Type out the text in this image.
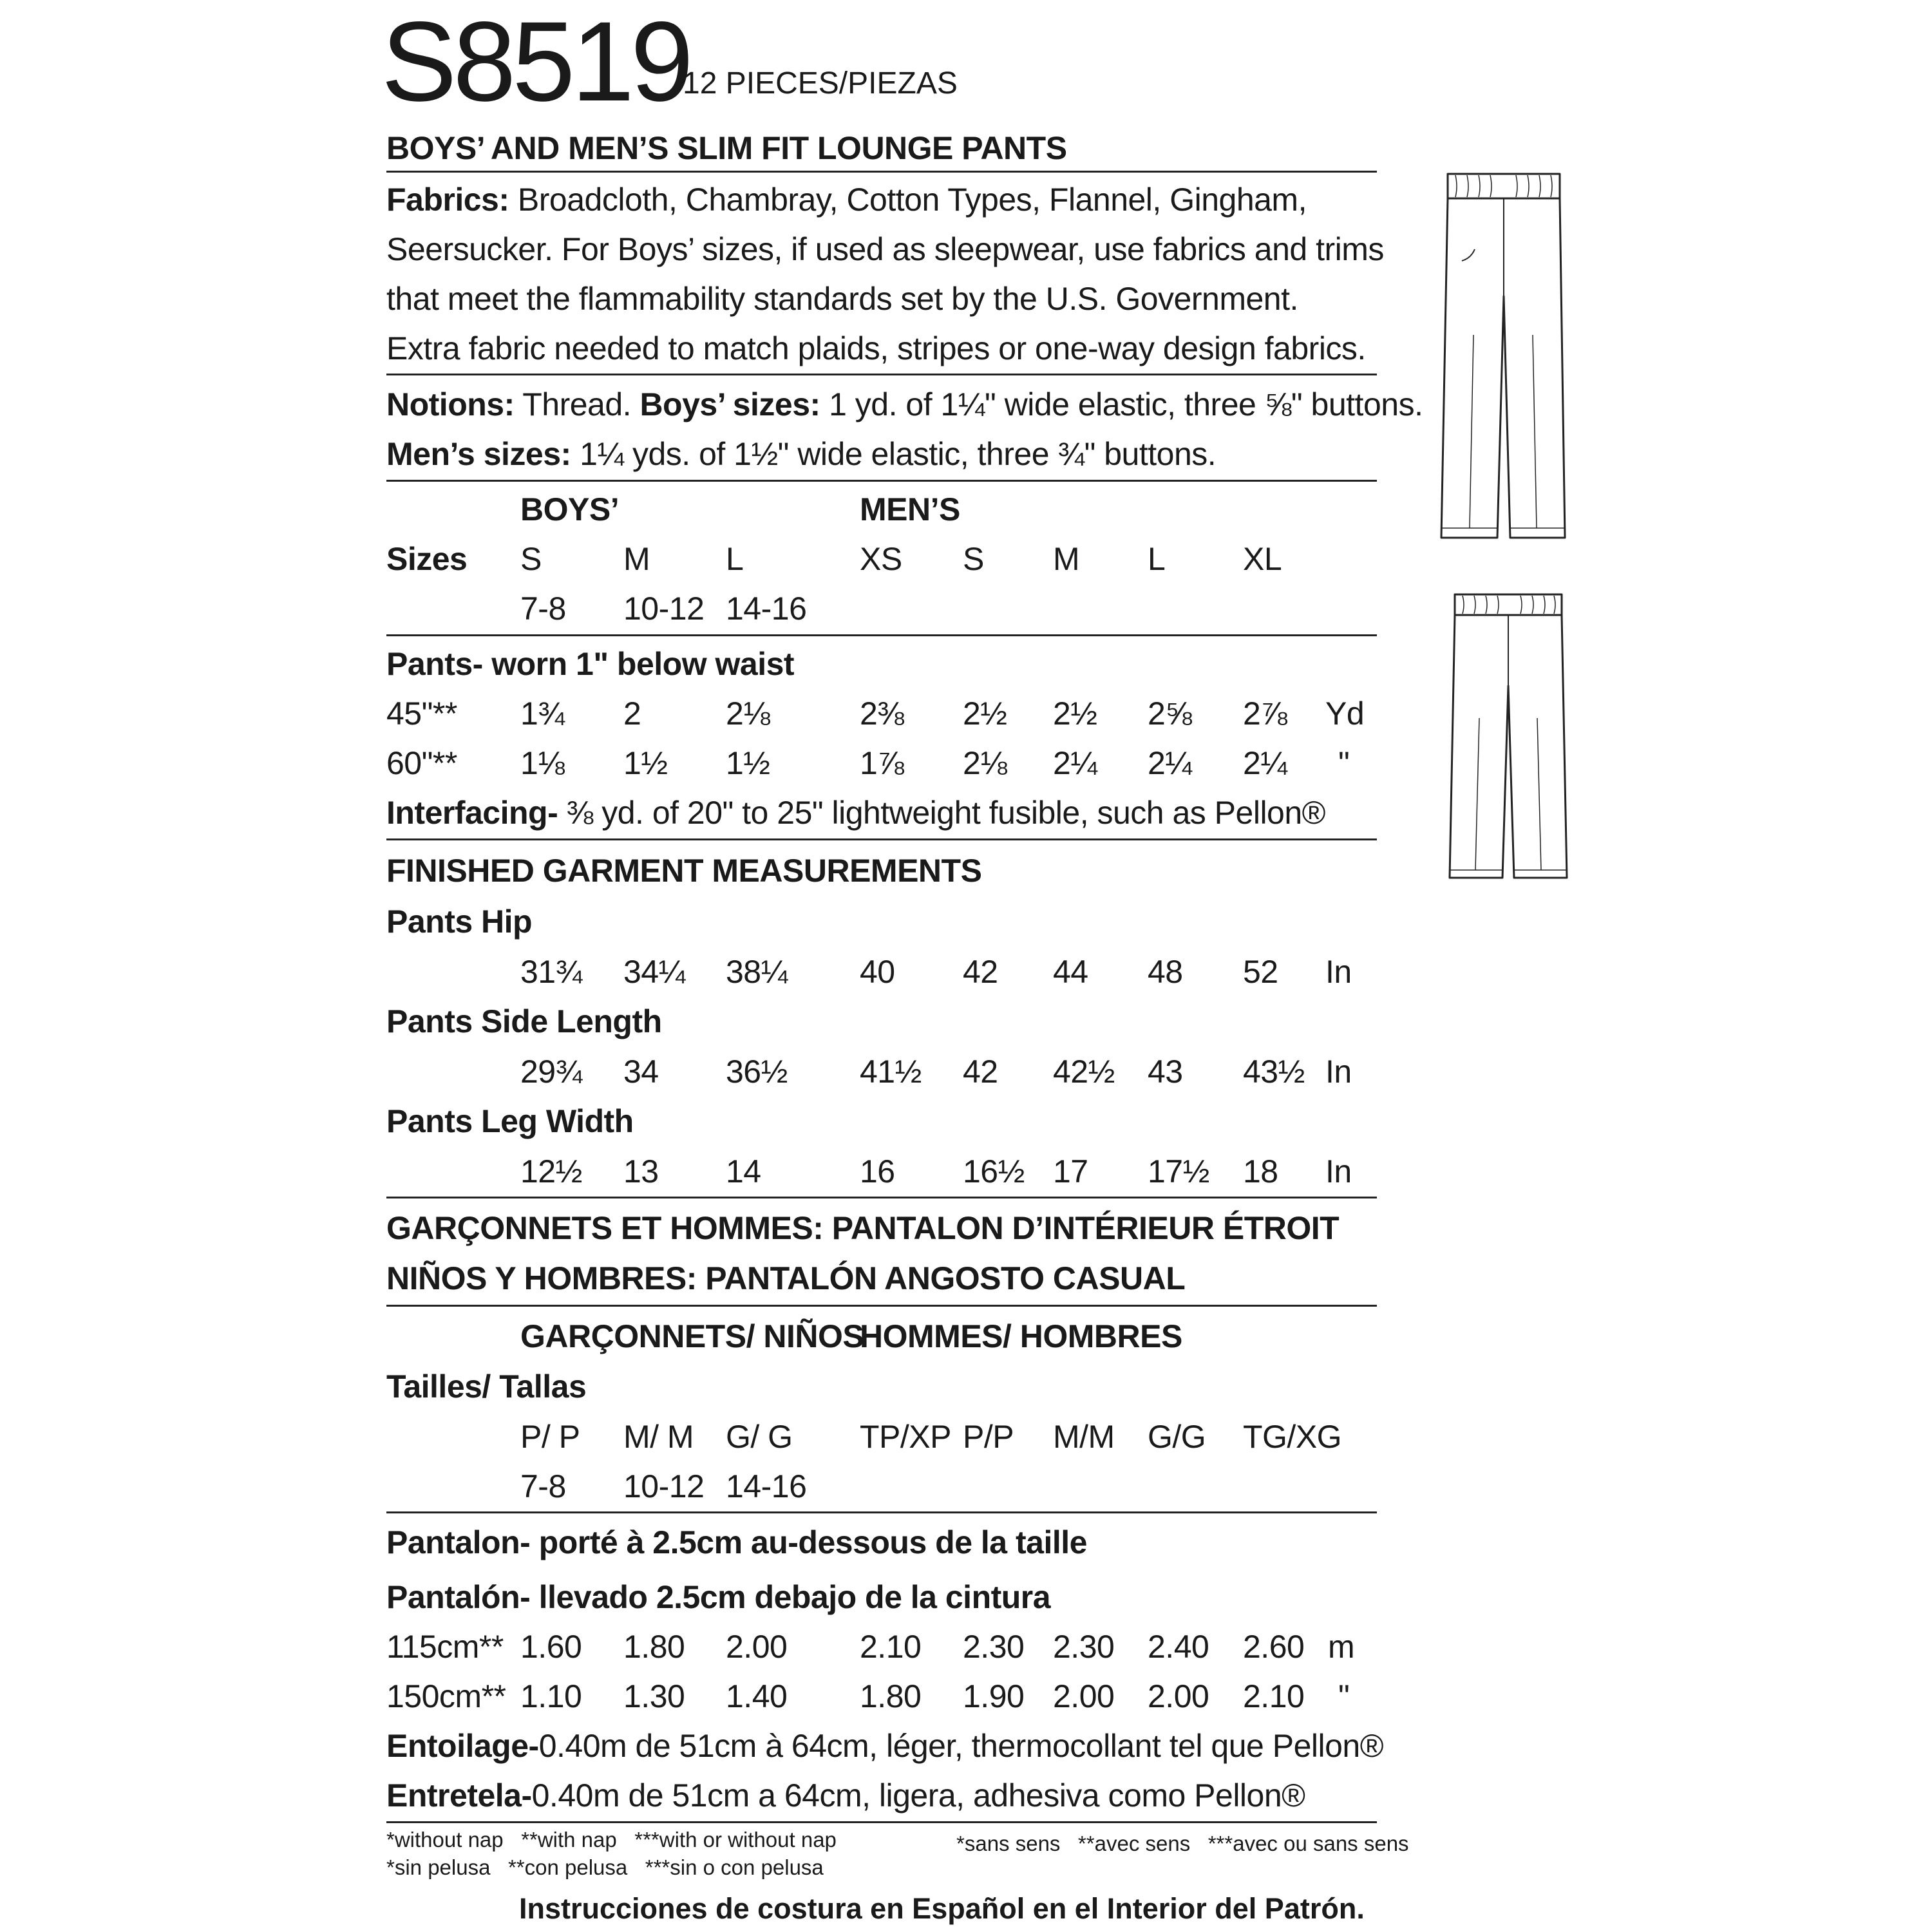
S8519
12 PIECES/PIEZAS
BOYS’ AND MEN’S SLIM FIT LOUNGE PANTS
Fabrics: Broadcloth, Chambray, Cotton Types, Flannel, Gingham,
Seersucker. For Boys’ sizes, if used as sleepwear, use fabrics and trims
that meet the flammability standards set by the U.S. Government.
Extra fabric needed to match plaids, stripes or one-way design fabrics.
Notions: Thread. Boys’ sizes: 1 yd. of 1¼" wide elastic, three ⅝" buttons.
Men’s sizes: 1¼ yds. of 1½" wide elastic, three ¾" buttons.
BOYS’	MEN’S
Sizes S	M L	XS S M L XL
7-8 10-12 14-16
Pants- worn 1" below waist
45"** 1¾ 2	2⅛	2⅜ 2½ 2½ 2⅝ 2⅞ Yd
60"** 1⅛ 1½ 1½	1⅞ 2⅛ 2¼ 2¼ 2¼ "
Interfacing- ⅜ yd. of 20" to 25" lightweight fusible, such as Pellon®
FINISHED GARMENT MEASUREMENTS
Pants Hip
31¾ 34¼ 38¼ 40 42 44 48 52 In
Pants Side Length
29¾ 34 36½ 41½ 42 42½ 43 43½ In
Pants Leg Width
12½ 13 14	16 16½ 17 17½ 18 In
GARÇONNETS ET HOMMES: PANTALON D’INTÉRIEUR ÉTROIT
NIÑOS Y HOMBRES: PANTALÓN ANGOSTO CASUAL
GARÇONNETS/ NIÑOS
HOMMES/ HOMBRES
Tailles/ Tallas
P/ P M/ M G/ G TP/XP P/P M/M G/G TG/XG
7-8 10-12 14-16
Pantalon- porté à 2.5cm au-dessous de la taille
Pantalón- llevado 2.5cm debajo de la cintura
115cm** 1.60 1.80 2.00 2.10 2.30 2.30 2.40 2.60 m
150cm** 1.10 1.30 1.40 1.80 1.90 2.00 2.00 2.10 "
Entoilage-0.40m de 51cm à 64cm, léger, thermocollant tel que Pellon®
Entretela-0.40m de 51cm a 64cm, ligera, adhesiva como Pellon®
*without nap   **with nap   ***with or without nap
*sin pelusa   **con pelusa   ***sin o con pelusa
*sans sens   **avec sens   ***avec ou sans sens
Instrucciones de costura en Español en el Interior del Patrón.
